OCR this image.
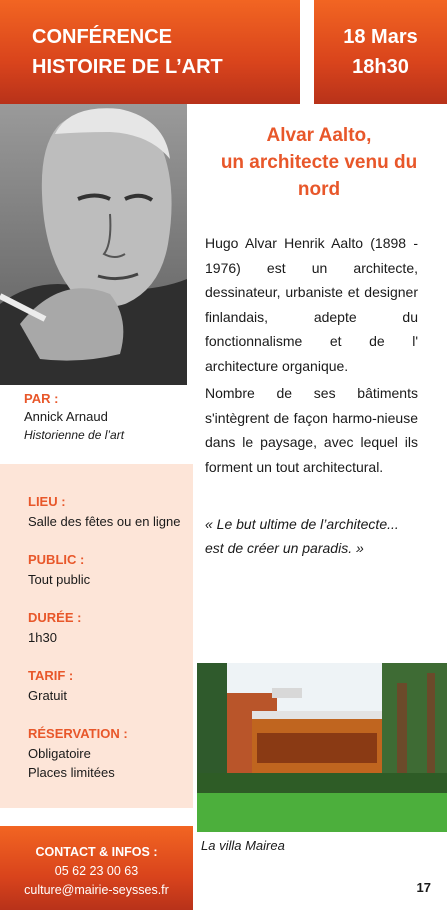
CONFÉRENCE
HISTOIRE DE L’ART
18 Mars
18h30
Alvar Aalto,
un architecte venu du
nord

Hugo Alvar Henrik Aalto (1898 - 1976) est un architecte, dessinateur, urbaniste et designer finlandais, adepte du fonctionnalisme et de l' architecture organique.

Nombre de ses bâtiments s'intègrent de façon harmo-nieuse dans le paysage, avec lequel ils forment un tout architectural.

« Le but ultime de l’architecte...
est de créer un paradis. »
PAR :
Annick Arnaud
Historienne de l’art
LIEU :
Salle des fêtes ou en ligne
PUBLIC :
Tout public
DURÉE :
1h30
TARIF :
Gratuit
RÉSERVATION :
Obligatoire
Places limitées
La villa Mairea
CONTACT & INFOS :
05 62 23 00 63
culture@mairie-seysses.fr	17
